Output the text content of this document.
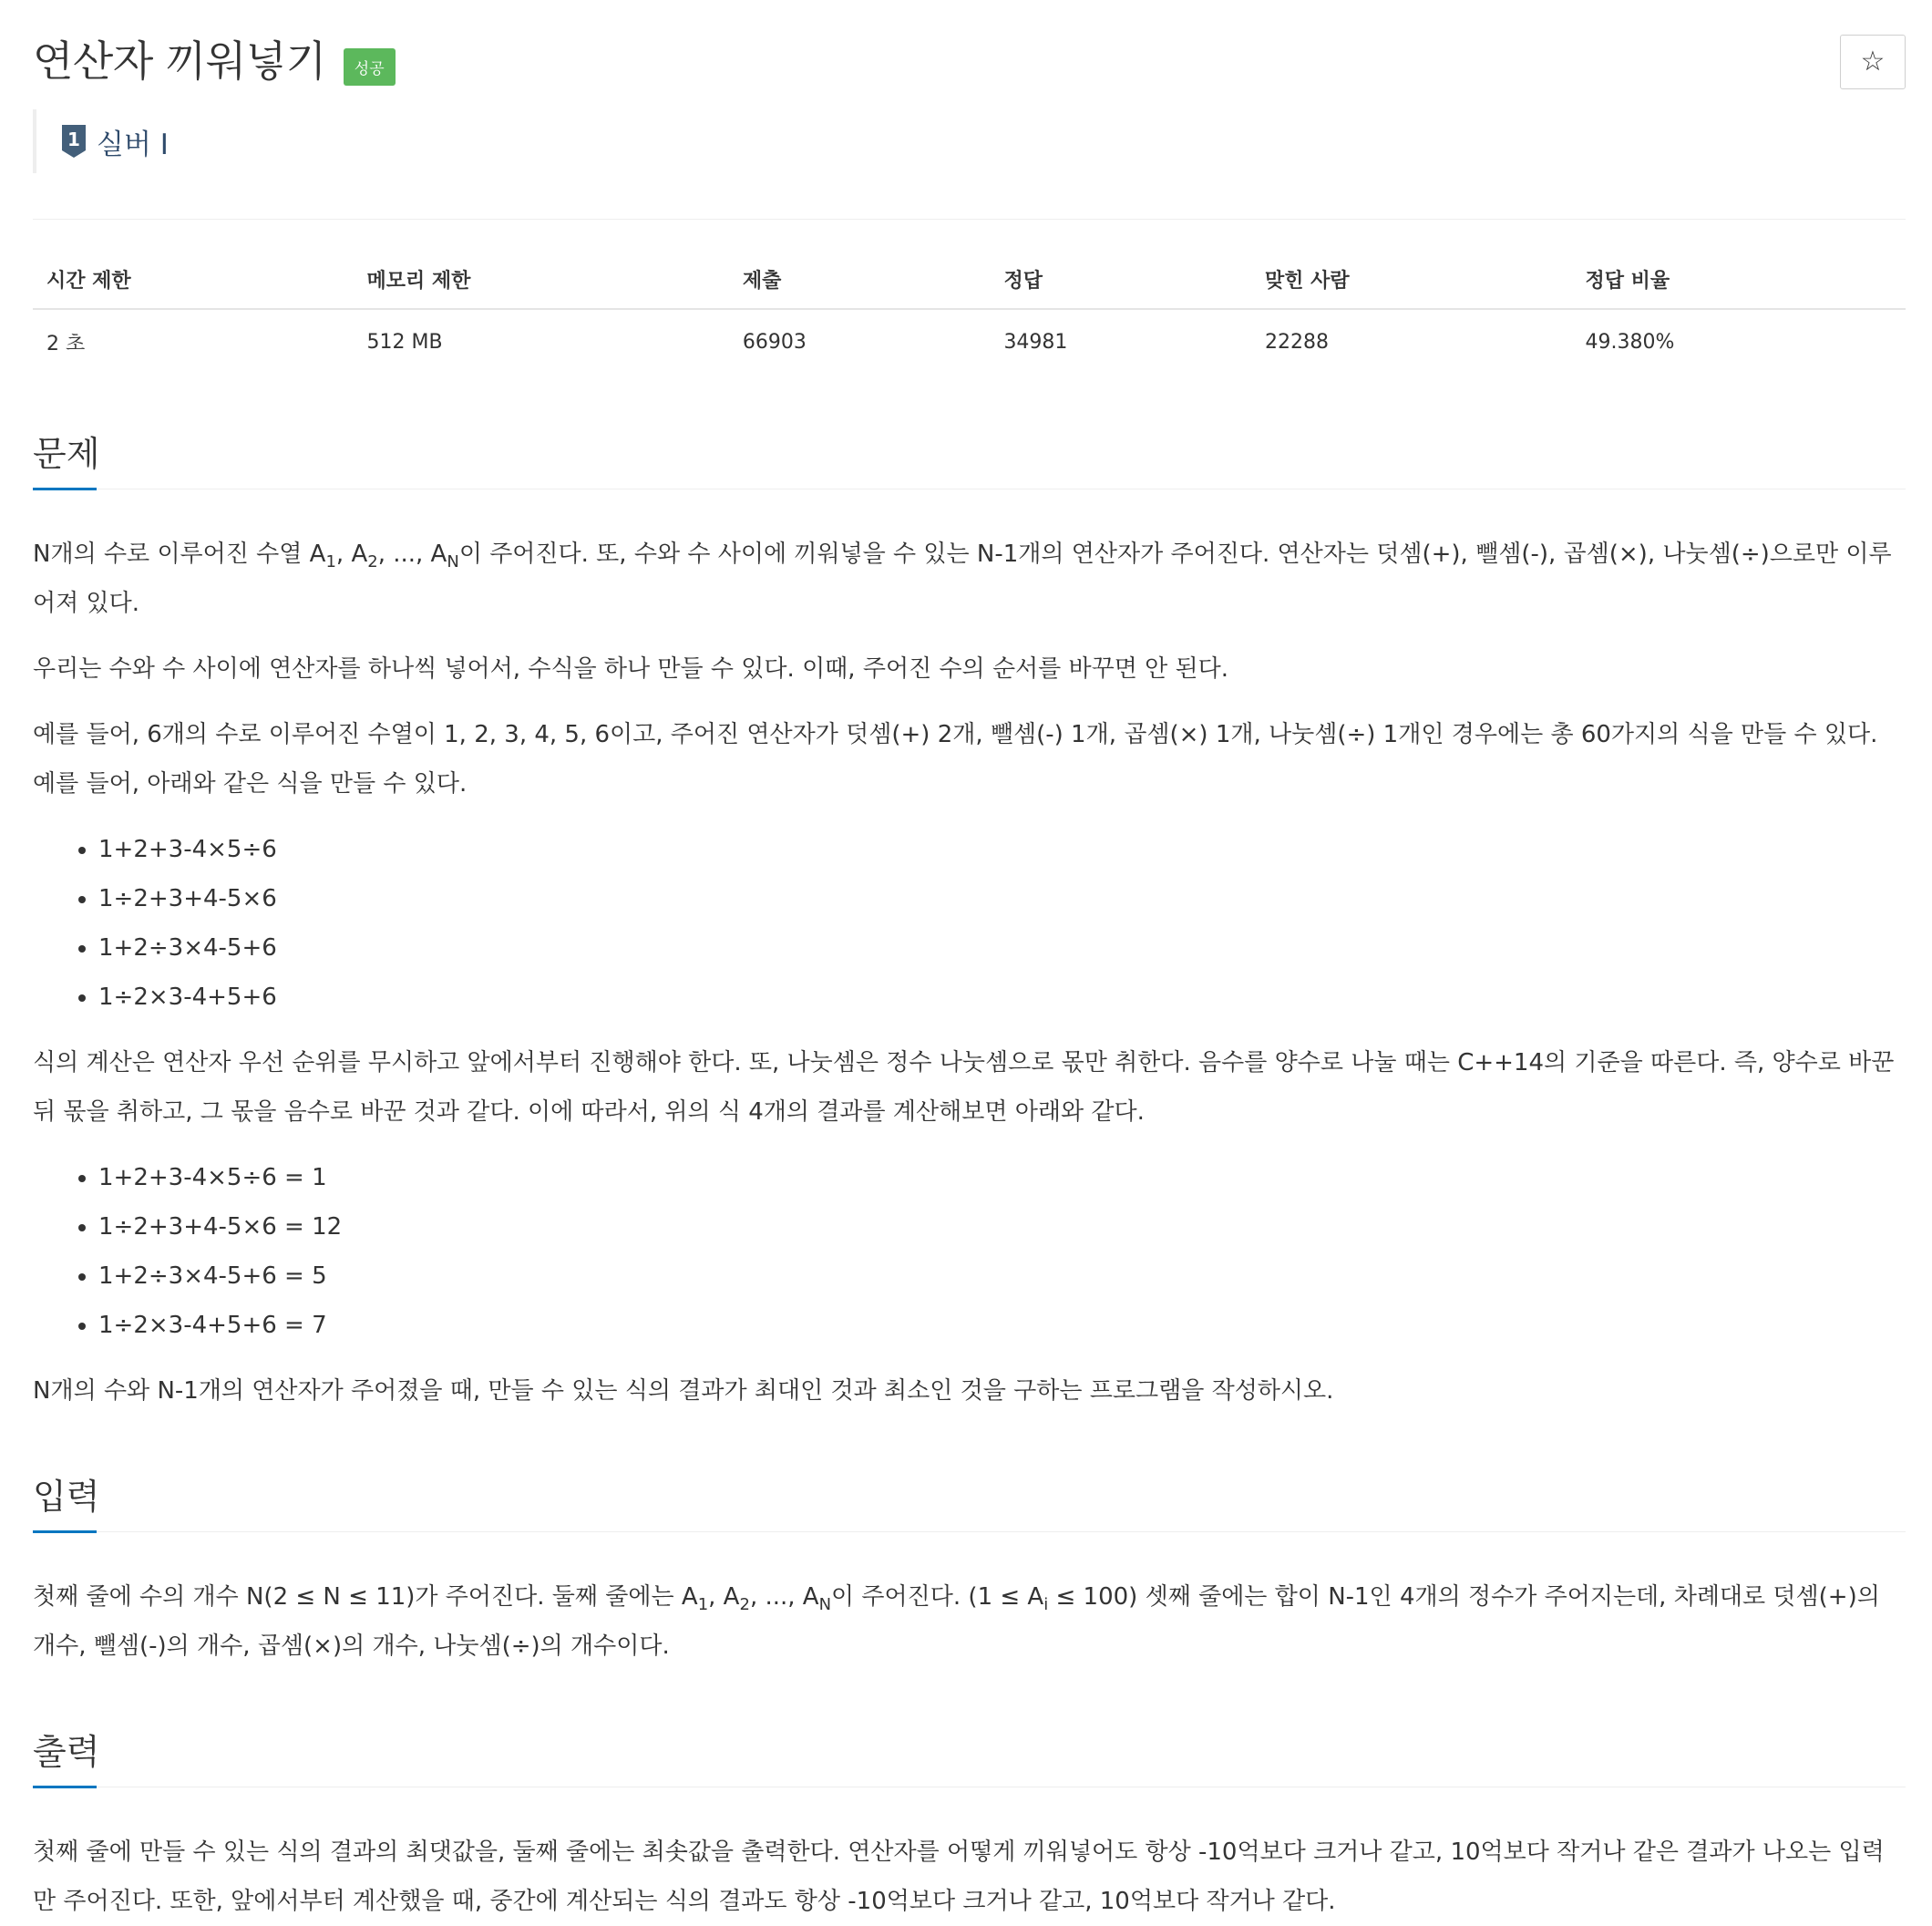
연산자 끼워넣기 성공	☆
1 실버 I
시간 제한	메모리 제한	제출	정답	맞힌 사람	정답 비율
2 초	512 MB	66903	34981	22288	49.380%
문제

N개의 수로 이루어진 수열 $A_1$, $A_2$, ..., $A_N$이 주어진다. 또, 수와 수 사이에 끼워넣을 수 있는 N-1개의 연산자가 주어진다. 연산자는 덧셈(+), 뺄셈(-), 곱셈(×), 나눗셈(÷)으로만 이루어져 있다.

우리는 수와 수 사이에 연산자를 하나씩 넣어서, 수식을 하나 만들 수 있다. 이때, 주어진 수의 순서를 바꾸면 안 된다.

예를 들어, 6개의 수로 이루어진 수열이 1, 2, 3, 4, 5, 6이고, 주어진 연산자가 덧셈(+) 2개, 뺄셈(-) 1개, 곱셈(×) 1개, 나눗셈(÷) 1개인 경우에는 총 60가지의 식을 만들 수 있다. 예를 들어, 아래와 같은 식을 만들 수 있다.

• 1+2+3-4×5÷6
• 1÷2+3+4-5×6
• 1+2÷3×4-5+6
• 1÷2×3-4+5+6

식의 계산은 연산자 우선 순위를 무시하고 앞에서부터 진행해야 한다. 또, 나눗셈은 정수 나눗셈으로 몫만 취한다. 음수를 양수로 나눌 때는 C++14의 기준을 따른다. 즉, 양수로 바꾼 뒤 몫을 취하고, 그 몫을 음수로 바꾼 것과 같다. 이에 따라서, 위의 식 4개의 결과를 계산해보면 아래와 같다.

• 1+2+3-4×5÷6 = 1
• 1÷2+3+4-5×6 = 12
• 1+2÷3×4-5+6 = 5
• 1÷2×3-4+5+6 = 7

N개의 수와 N-1개의 연산자가 주어졌을 때, 만들 수 있는 식의 결과가 최대인 것과 최소인 것을 구하는 프로그램을 작성하시오.

입력

첫째 줄에 수의 개수 N(2 ≤ N ≤ 11)가 주어진다. 둘째 줄에는 $A_1$, $A_2$, ..., $A_N$이 주어진다. $(1 \le A_i \le 100)$ 셋째 줄에는 합이 N-1인 4개의 정수가 주어지는데, 차례대로 덧셈(+)의 개수, 뺄셈(-)의 개수, 곱셈(×)의 개수, 나눗셈(÷)의 개수이다.

출력

첫째 줄에 만들 수 있는 식의 결과의 최댓값을, 둘째 줄에는 최솟값을 출력한다. 연산자를 어떻게 끼워넣어도 항상 -10억보다 크거나 같고, 10억보다 작거나 같은 결과가 나오는 입력만 주어진다. 또한, 앞에서부터 계산했을 때, 중간에 계산되는 식의 결과도 항상 -10억보다 크거나 같고, 10억보다 작거나 같다.
